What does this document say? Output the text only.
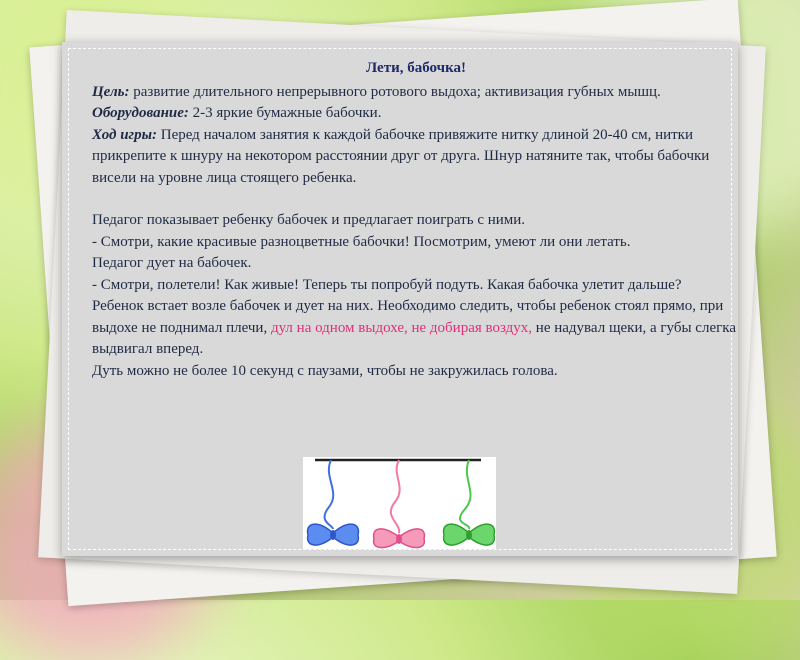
Лети, бабочка!

Цель: развитие длительного непрерывного ротового выдоха; активизация губных мышц.

Оборудование: 2-3 яркие бумажные бабочки.

Ход игры: Перед началом занятия к каждой бабочке привяжите нитку длиной 20-40 см, нитки прикрепите к шнуру на некотором расстоянии друг от друга. Шнур натяните так, чтобы бабочки висели на уровне лица стоящего ребенка.

Педагог показывает ребенку бабочек и предлагает поиграть с ними.

- Смотри, какие красивые разноцветные бабочки! Посмотрим, умеют ли они летать.

Педагог дует на бабочек.

- Смотри, полетели! Как живые! Теперь ты попробуй подуть. Какая бабочка улетит дальше?

Ребенок встает возле бабочек и дует на них. Необходимо следить, чтобы ребенок стоял прямо, при выдохе не поднимал плечи, дул на одном выдохе, не добирая воздух, не надувал щеки, а губы слегка выдвигал вперед.

Дуть можно не более 10 секунд с паузами, чтобы не закружилась голова.
